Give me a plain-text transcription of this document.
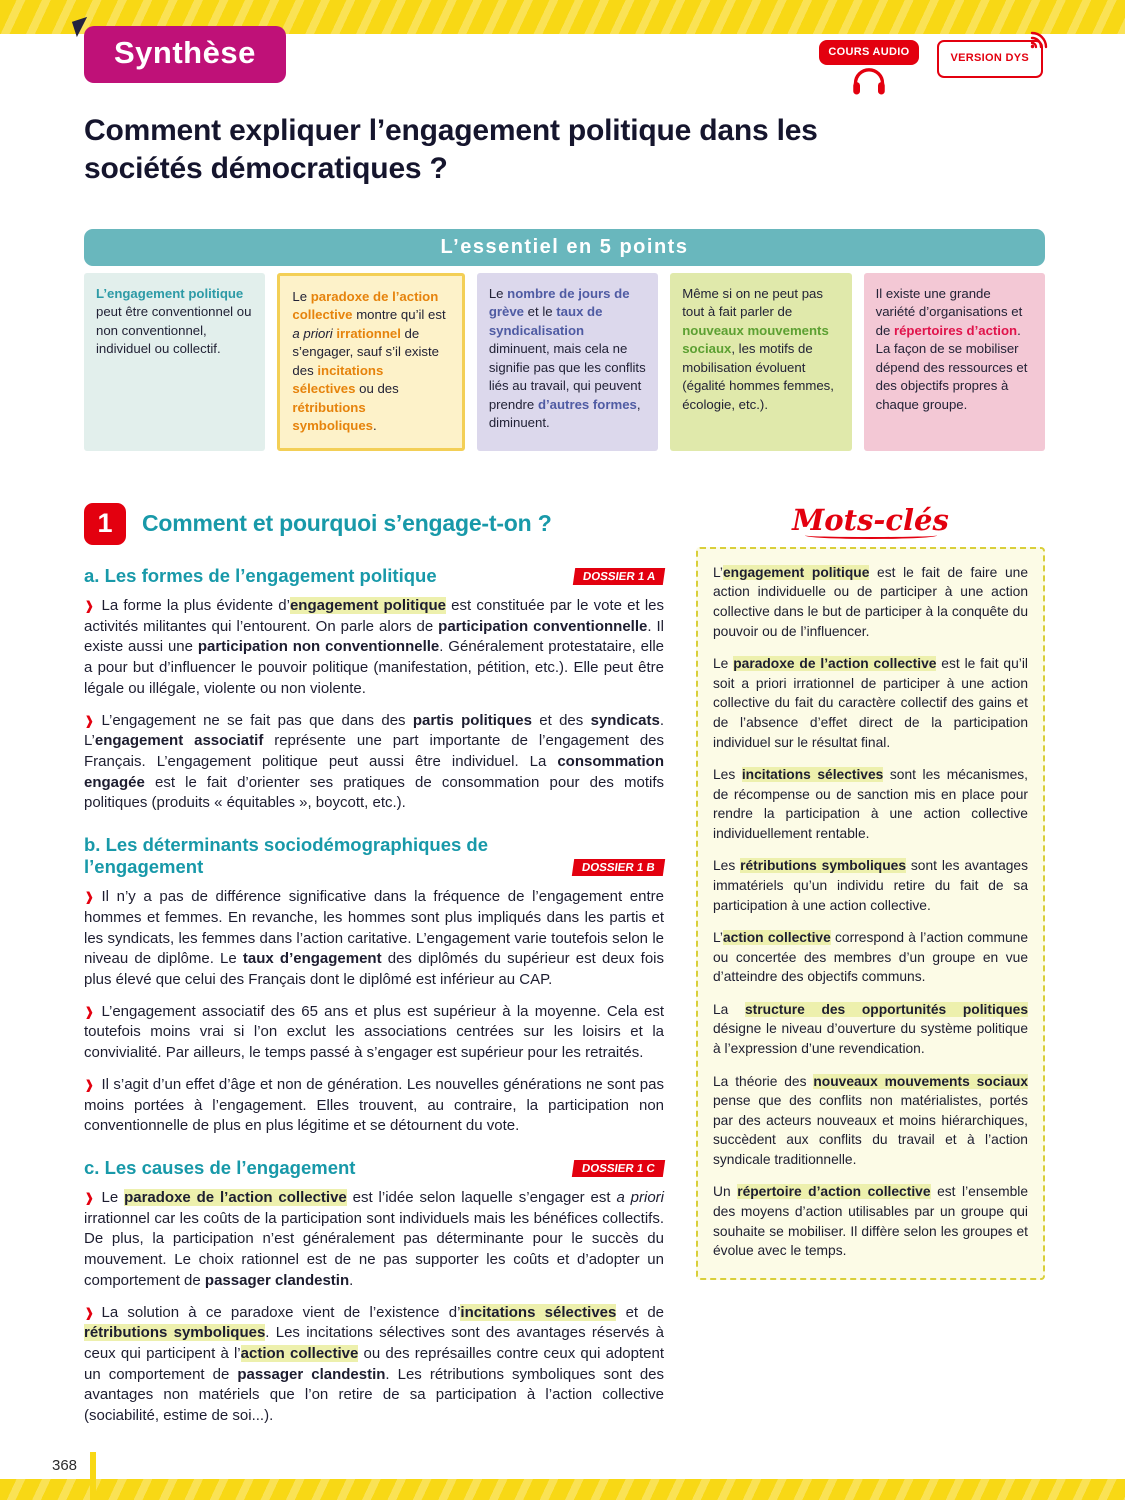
Synthèse	COURS AUDIO	VERSION DYS
Comment expliquer l’engagement politique dans les sociétés démocratiques ?
L’essentiel en 5 points

L’engagement politique peut être conventionnel ou non conventionnel, individuel ou collectif.

Le paradoxe de l’action collective montre qu’il est a priori irrationnel de s’engager, sauf s’il existe des incitations sélectives ou des rétributions symboliques.

Le nombre de jours de grève et le taux de syndicalisation diminuent, mais cela ne signifie pas que les conflits liés au travail, qui peuvent prendre d’autres formes, diminuent.

Même si on ne peut pas tout à fait parler de nouveaux mouvements sociaux, les motifs de mobilisation évoluent (égalité hommes femmes, écologie, etc.).

Il existe une grande variété d’organisations et de répertoires d’action. La façon de se mobiliser dépend des ressources et des objectifs propres à chaque groupe.

1	Comment et pourquoi s’engage-t-on ?
a. Les formes de l’engagement politique	DOSSIER 1 A

❱ La forme la plus évidente d’engagement politique est constituée par le vote et les activités militantes qui l’entourent. On parle alors de participation conventionnelle. Il existe aussi une participation non conventionnelle. Généralement protestataire, elle a pour but d’influencer le pouvoir politique (manifestation, pétition, etc.). Elle peut être légale ou illégale, violente ou non violente.

❱ L’engagement ne se fait pas que dans des partis politiques et des syndicats. L’engagement associatif représente une part importante de l’engagement des Français. L’engagement politique peut aussi être individuel. La consommation engagée est le fait d’orienter ses pratiques de consommation pour des motifs politiques (produits « équitables », boycott, etc.).

b. Les déterminants sociodémographiques de l’engagement	DOSSIER 1 B

❱ Il n’y a pas de différence significative dans la fréquence de l’engagement entre hommes et femmes. En revanche, les hommes sont plus impliqués dans les partis et les syndicats, les femmes dans l’action caritative. L’engagement varie toutefois selon le niveau de diplôme. Le taux d’engagement des diplômés du supérieur est deux fois plus élevé que celui des Français dont le diplômé est inférieur au CAP.

❱ L’engagement associatif des 65 ans et plus est supérieur à la moyenne. Cela est toutefois moins vrai si l’on exclut les associations centrées sur les loisirs et la convivialité. Par ailleurs, le temps passé à s’engager est supérieur pour les retraités.

❱ Il s’agit d’un effet d’âge et non de génération. Les nouvelles générations ne sont pas moins portées à l’engagement. Elles trouvent, au contraire, la participation non conventionnelle de plus en plus légitime et se détournent du vote.

c. Les causes de l’engagement	DOSSIER 1 C

❱ Le paradoxe de l’action collective est l’idée selon laquelle s’engager est a priori irrationnel car les coûts de la participation sont individuels mais les bénéfices collectifs. De plus, la participation n’est généralement pas déterminante pour le succès du mouvement. Le choix rationnel est de ne pas supporter les coûts et d’adopter un comportement de passager clandestin.

❱ La solution à ce paradoxe vient de l’existence d’incitations sélectives et de rétributions symboliques. Les incitations sélectives sont des avantages réservés à ceux qui participent à l’action collective ou des représailles contre ceux qui adoptent un comportement de passager clandestin. Les rétributions symboliques sont des avantages non matériels que l’on retire de sa participation à l’action collective (sociabilité, estime de soi...).

Mots-clés

L’engagement politique est le fait de faire une action individuelle ou de participer à une action collective dans le but de participer à la conquête du pouvoir ou de l’influencer.

Le paradoxe de l’action collective est le fait qu’il soit a priori irrationnel de participer à une action collective du fait du caractère collectif des gains et de l’absence d’effet direct de la participation individuel sur le résultat final.

Les incitations sélectives sont les mécanismes, de récompense ou de sanction mis en place pour rendre la participation à une action collective individuellement rentable.

Les rétributions symboliques sont les avantages immatériels qu’un individu retire du fait de sa participation à une action collective.

L’action collective correspond à l’action commune ou concertée des membres d’un groupe en vue d’atteindre des objectifs communs.

La structure des opportunités politiques désigne le niveau d’ouverture du système politique à l’expression d’une revendication.

La théorie des nouveaux mouvements sociaux pense que des conflits non matérialistes, portés par des acteurs nouveaux et moins hiérarchiques, succèdent aux conflits du travail et à l’action syndicale traditionnelle.

Un répertoire d’action collective est l’ensemble des moyens d’action utilisables par un groupe qui souhaite se mobiliser. Il diffère selon les groupes et évolue avec le temps.

368
